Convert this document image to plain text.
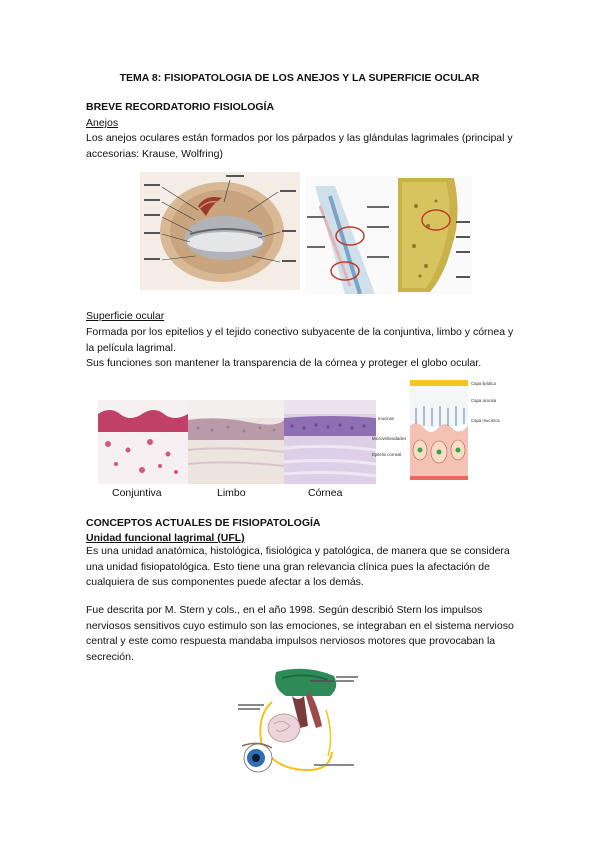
TEMA 8: FISIOPATOLOGIA DE LOS ANEJOS Y LA SUPERFICIE OCULAR
BREVE RECORDATORIO FISIOLOGÍA
Anejos
Los anejos oculares están formados por los párpados y las glándulas lagrimales (principal y accesorias: Krause, Wolfring)
Superficie ocular
Formada por los epitelios y el tejido conectivo subyacente de la conjuntiva, limbo y córnea y la película lagrimal.
Sus funciones son mantener la transparencia de la córnea y proteger el globo ocular.
Conjuntiva	Limbo	Córnea
Capa lipídica
Capa acuosa
Capa mucínica
mucinas
Microvellosidades
Epitelio corneal
CONCEPTOS ACTUALES DE FISIOPATOLOGÍA
Unidad funcional lagrimal (UFL)
Es una unidad anatómica, histológica, fisiológica y patológica, de manera que se considera una unidad fisiopatológica. Esto tiene una gran relevancia clínica pues la afectación de cualquiera de sus componentes puede afectar a los demás.
Fue descrita por M. Stern y cols., en el año 1998. Según describió Stern los impulsos nerviosos sensitivos cuyo estimulo son las emociones, se integraban en el sistema nervioso central y este como respuesta mandaba impulsos nerviosos motores que provocaban la secreción.
